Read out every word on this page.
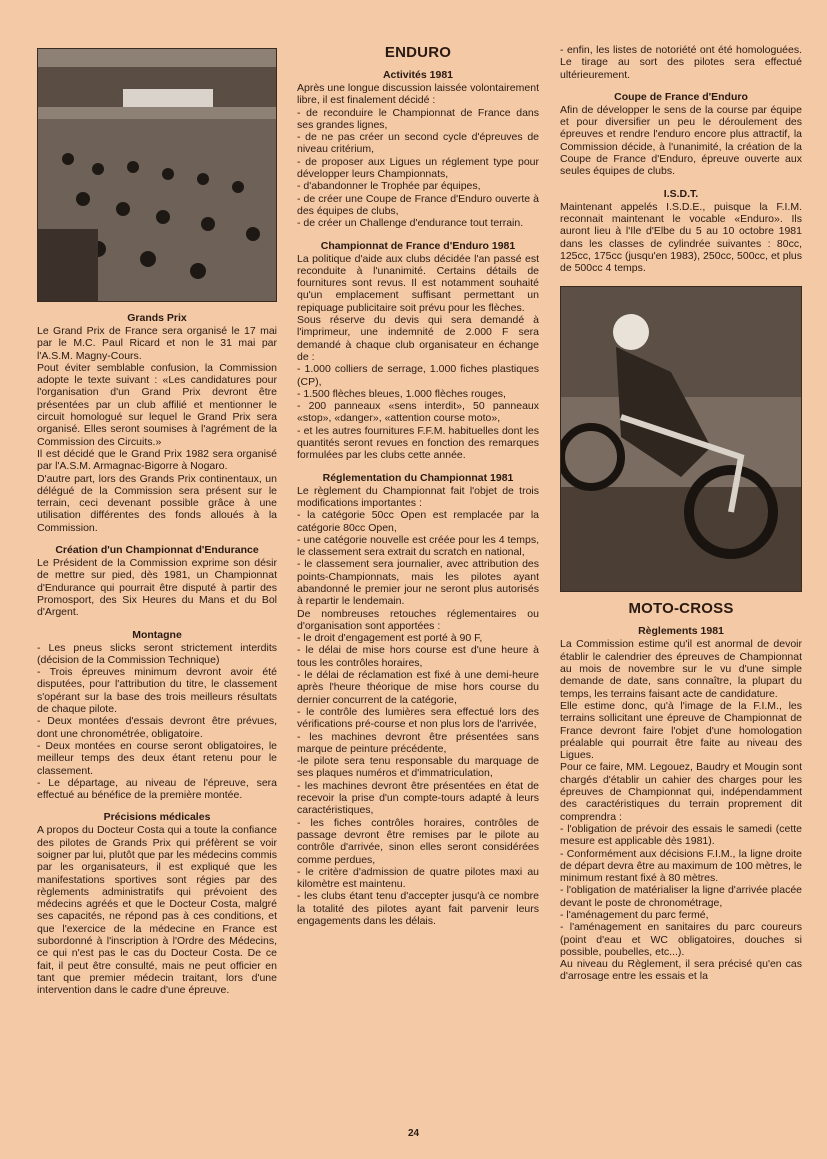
Grands Prix

Le Grand Prix de France sera organisé le 17 mai par le M.C. Paul Ricard et non le 31 mai par l'A.S.M. Magny-Cours.

Pout éviter semblable confusion, la Commission adopte le texte suivant : «Les candidatures pour l'organisation d'un Grand Prix devront être présentées par un club affilié et mentionner le circuit homologué sur lequel le Grand Prix sera organisé. Elles seront soumises à l'agrément de la Commission des Circuits.»

Il est décidé que le Grand Prix 1982 sera organisé par l'A.S.M. Armagnac-Bigorre à Nogaro.

D'autre part, lors des Grands Prix continentaux, un délégué de la Commission sera présent sur le terrain, ceci devenant possible grâce à une utilisation différentes des fonds alloués à la Commission.

Création d'un Championnat d'Endurance

Le Président de la Commission exprime son désir de mettre sur pied, dès 1981, un Championnat d'Endurance qui pourrait être disputé à partir des Promosport, des Six Heures du Mans et du Bol d'Argent.

Montagne

- Les pneus slicks seront strictement interdits (décision de la Commission Technique)

- Trois épreuves minimum devront avoir été disputées, pour l'attribution du titre, le classement s'opérant sur la base des trois meilleurs résultats de chaque pilote.

- Deux montées d'essais devront être prévues, dont une chronométrée, obligatoire.

- Deux montées en course seront obligatoires, le meilleur temps des deux étant retenu pour le classement.

- Le départage, au niveau de l'épreuve, sera effectué au bénéfice de la première montée.

Précisions médicales

A propos du Docteur Costa qui a toute la confiance des pilotes de Grands Prix qui préfèrent se voir soigner par lui, plutôt que par les médecins commis par les organisateurs, il est expliqué que les manifestations sportives sont régies par des règlements administratifs qui prévoient des médecins agréés et que le Docteur Costa, malgré ses capacités, ne répond pas à ces conditions, et que l'exercice de la médecine en France est subordonné à l'inscription à l'Ordre des Médecins, ce qui n'est pas le cas du Docteur Costa. De ce fait, il peut être consulté, mais ne peut officier en tant que premier médecin traitant, lors d'une intervention dans le cadre d'une épreuve.

ENDURO
Activités 1981

Après une longue discussion laissée volontairement libre, il est finalement décidé :

- de reconduire le Championnat de France dans ses grandes lignes,

- de ne pas créer un second cycle d'épreuves de niveau critérium,

- de proposer aux Ligues un réglement type pour développer leurs Championnats,

- d'abandonner le Trophée par équipes,

- de créer une Coupe de France d'Enduro ouverte à des équipes de clubs,

- de créer un Challenge d'endurance tout terrain.

Championnat de France d'Enduro 1981

La politique d'aide aux clubs décidée l'an passé est reconduite à l'unanimité. Certains détails de fournitures sont revus. Il est notamment souhaité qu'un emplacement suffisant permettant un repiquage publicitaire soit prévu pour les flèches.

Sous réserve du devis qui sera demandé à l'imprimeur, une indemnité de 2.000 F sera demandé à chaque club organisateur en échange de :

- 1.000 colliers de serrage, 1.000 fiches plastiques (CP),

- 1.500 flèches bleues, 1.000 flèches rouges,

- 200 panneaux «sens interdit», 50 panneaux «stop», «danger», «attention course moto»,

- et les autres fournitures F.F.M. habituelles dont les quantités seront revues en fonction des remarques formulées par les clubs cette année.

Réglementation du Championnat 1981

Le règlement du Championnat fait l'objet de trois modifications importantes :

- la catégorie 50cc Open est remplacée par la catégorie 80cc Open,

- une catégorie nouvelle est créée pour les 4 temps, le classement sera extrait du scratch en national,

- le classement sera journalier, avec attribution des points-Championnats, mais les pilotes ayant abandonné le premier jour ne seront plus autorisés à repartir le lendemain.

De nombreuses retouches réglementaires ou d'organisation sont apportées :

- le droit d'engagement est porté à 90 F,

- le délai de mise hors course est d'une heure à tous les contrôles horaires,

- le délai de réclamation est fixé à une demi-heure après l'heure théorique de mise hors course du dernier concurrent de la catégorie,

- le contrôle des lumières sera effectué lors des vérifications pré-course et non plus lors de l'arrivée,

- les machines devront être présentées sans marque de peinture précédente,

-le pilote sera tenu responsable du marquage de ses plaques numéros et d'immatriculation,

- les machines devront être présentées en état de recevoir la prise d'un compte-tours adapté à leurs caractéristiques,

- les fiches contrôles horaires, contrôles de passage devront être remises par le pilote au contrôle d'arrivée, sinon elles seront considérées comme perdues,

- le critère d'admission de quatre pilotes maxi au kilomètre est maintenu.

- les clubs étant tenu d'accepter jusqu'à ce nombre la totalité des pilotes ayant fait parvenir leurs engagements dans les délais.

- enfin, les listes de notoriété ont été homologuées. Le tirage au sort des pilotes sera effectué ultérieurement.

Coupe de France d'Enduro

Afin de développer le sens de la course par équipe et pour diversifier un peu le déroulement des épreuves et rendre l'enduro encore plus attractif, la Commission décide, à l'unanimité, la création de la Coupe de France d'Enduro, épreuve ouverte aux seules équipes de clubs.

I.S.D.T.

Maintenant appelés I.S.D.E., puisque la F.I.M. reconnait maintenant le vocable «Enduro». Ils auront lieu à l'Ile d'Elbe du 5 au 10 octobre 1981 dans les classes de cylindrée suivantes : 80cc, 125cc, 175cc (jusqu'en 1983), 250cc, 500cc, et plus de 500cc 4 temps.

MOTO-CROSS
Règlements 1981

La Commission estime qu'il est anormal de devoir établir le calendrier des épreuves de Championnat au mois de novembre sur le vu d'une simple demande de date, sans connaître, la plupart du temps, les terrains faisant acte de candidature.

Elle estime donc, qu'à l'image de la F.I.M., les terrains sollicitant une épreuve de Championnat de France devront faire l'objet d'une homologation préalable qui pourrait être faite au niveau des Ligues.

Pour ce faire, MM. Legouez, Baudry et Mougin sont chargés d'établir un cahier des charges pour les épreuves de Championnat qui, indépendamment des caractéristiques du terrain proprement dit comprendra :

- l'obligation de prévoir des essais le samedi (cette mesure est applicable dès 1981).

- Conformément aux décisions F.I.M., la ligne droite de départ devra être au maximum de 100 mètres, le minimum restant fixé à 80 mètres.

- l'obligation de matérialiser la ligne d'arrivée placée devant le poste de chronométrage,

- l'aménagement du parc fermé,

- l'aménagement en sanitaires du parc coureurs (point d'eau et WC obligatoires, douches si possible, poubelles, etc...).

Au niveau du Règlement, il sera précisé qu'en cas d'arrosage entre les essais et la

24
